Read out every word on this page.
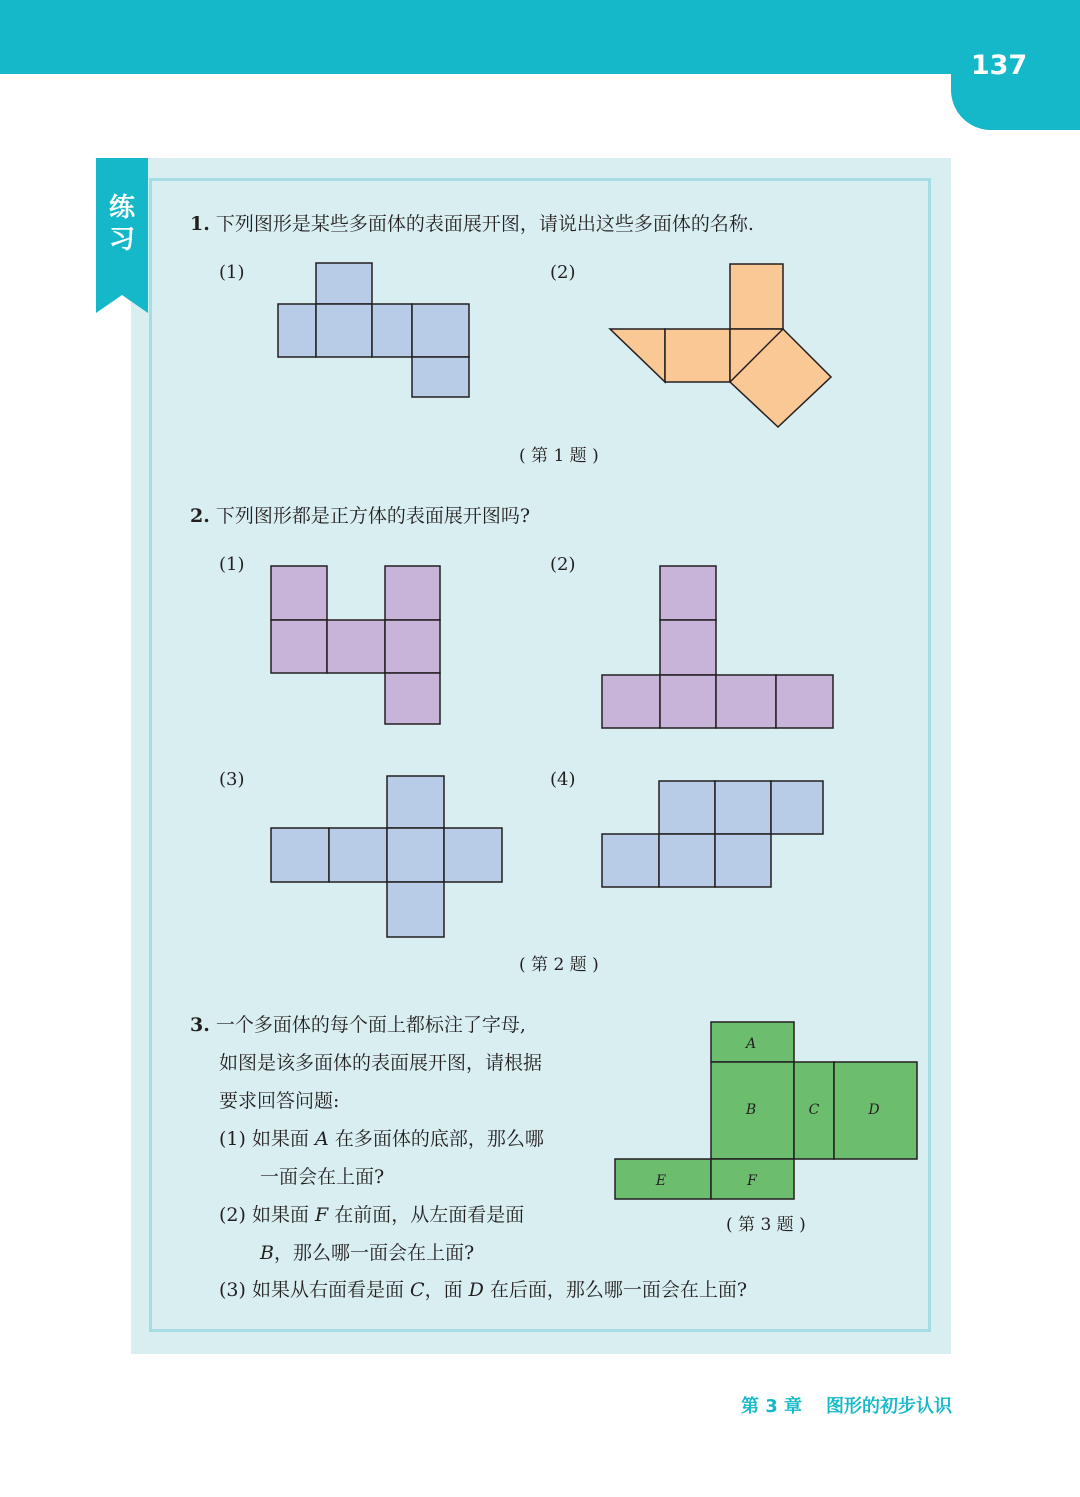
137
练
习
1. 下列图形是某些多面体的表面展开图，请说出这些多面体的名称.
(1)	(2)
A
B	C	D
E	F
( 第 1 题 )
2. 下列图形都是正方体的表面展开图吗?
(1)	(2)
(3)	(4)
( 第 2 题 )
3. 一个多面体的每个面上都标注了字母,
如图是该多面体的表面展开图，请根据
要求回答问题:
(1) 如果面 A 在多面体的底部，那么哪
一面会在上面?
(2) 如果面 F 在前面，从左面看是面
B，那么哪一面会在上面?
(3) 如果从右面看是面 C，面 D 在后面，那么哪一面会在上面?
( 第 3 题 )
第 3 章 图形的初步认识
